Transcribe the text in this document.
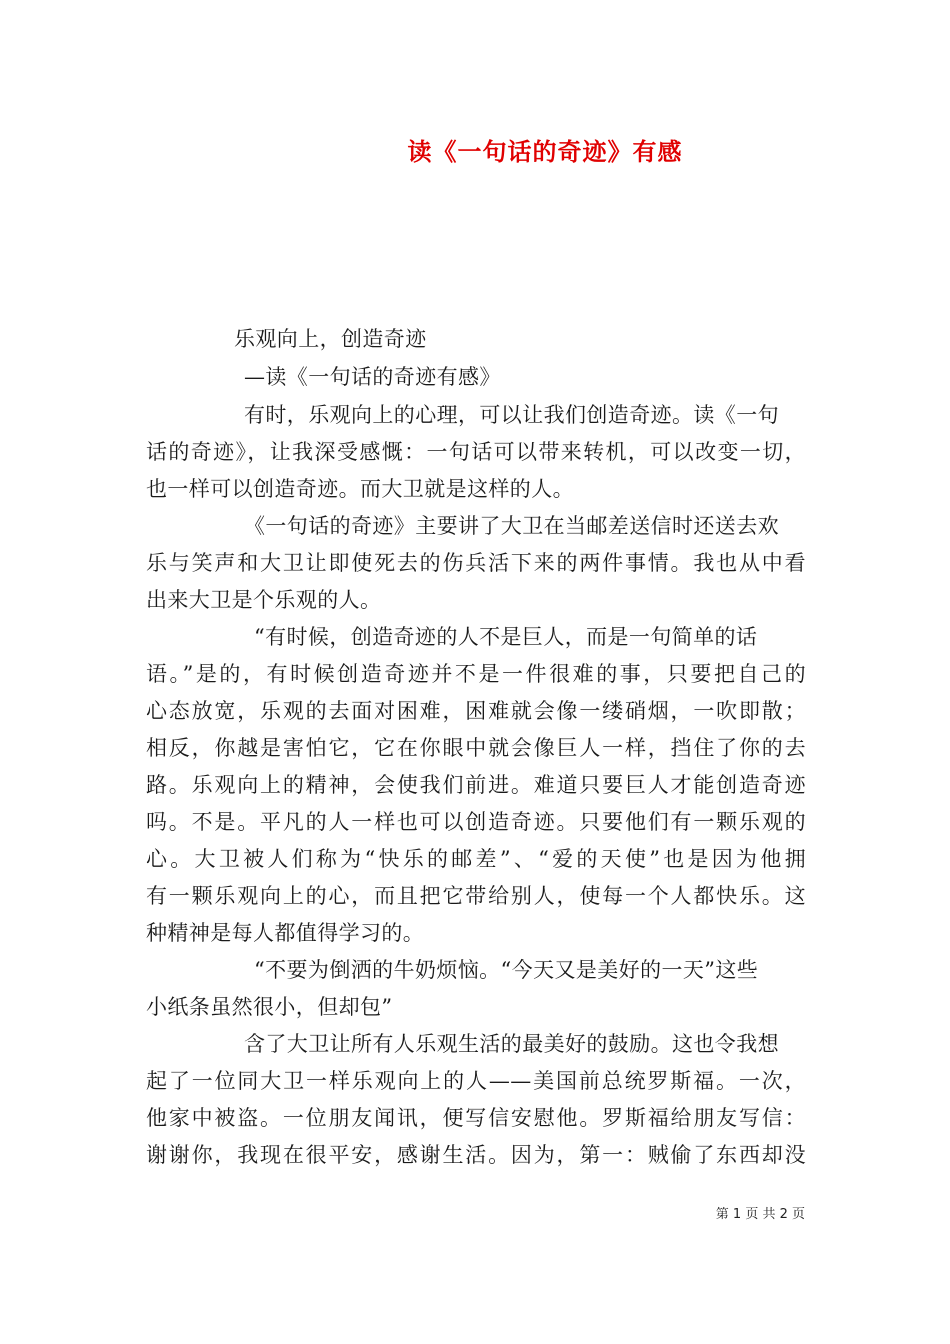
读《一句话的奇迹》有感
乐观向上，创造奇迹
—读《一句话的奇迹有感》
有时，乐观向上的心理，可以让我们创造奇迹。读《一句
话的奇迹》，让我深受感慨：一句话可以带来转机，可以改变一切，
也一样可以创造奇迹。而大卫就是这样的人。
《一句话的奇迹》主要讲了大卫在当邮差送信时还送去欢
乐与笑声和大卫让即使死去的伤兵活下来的两件事情。我也从中看
出来大卫是个乐观的人。
“有时候，创造奇迹的人不是巨人，而是一句简单的话
语。”是的，有时候创造奇迹并不是一件很难的事，只要把自己的
心态放宽，乐观的去面对困难，困难就会像一缕硝烟，一吹即散；
相反，你越是害怕它，它在你眼中就会像巨人一样，挡住了你的去
路。乐观向上的精神，会使我们前进。难道只要巨人才能创造奇迹
吗。不是。平凡的人一样也可以创造奇迹。只要他们有一颗乐观的
心。大卫被人们称为“快乐的邮差”、“爱的天使”也是因为他拥
有一颗乐观向上的心，而且把它带给别人，使每一个人都快乐。这
种精神是每人都值得学习的。
“不要为倒洒的牛奶烦恼。“今天又是美好的一天”这些
小纸条虽然很小，但却包”
含了大卫让所有人乐观生活的最美好的鼓励。这也令我想
起了一位同大卫一样乐观向上的人——美国前总统罗斯福。一次，
他家中被盗。一位朋友闻讯，便写信安慰他。罗斯福给朋友写信：
谢谢你，我现在很平安，感谢生活。因为，第一：贼偷了东西却没
第 1 页 共 2 页
